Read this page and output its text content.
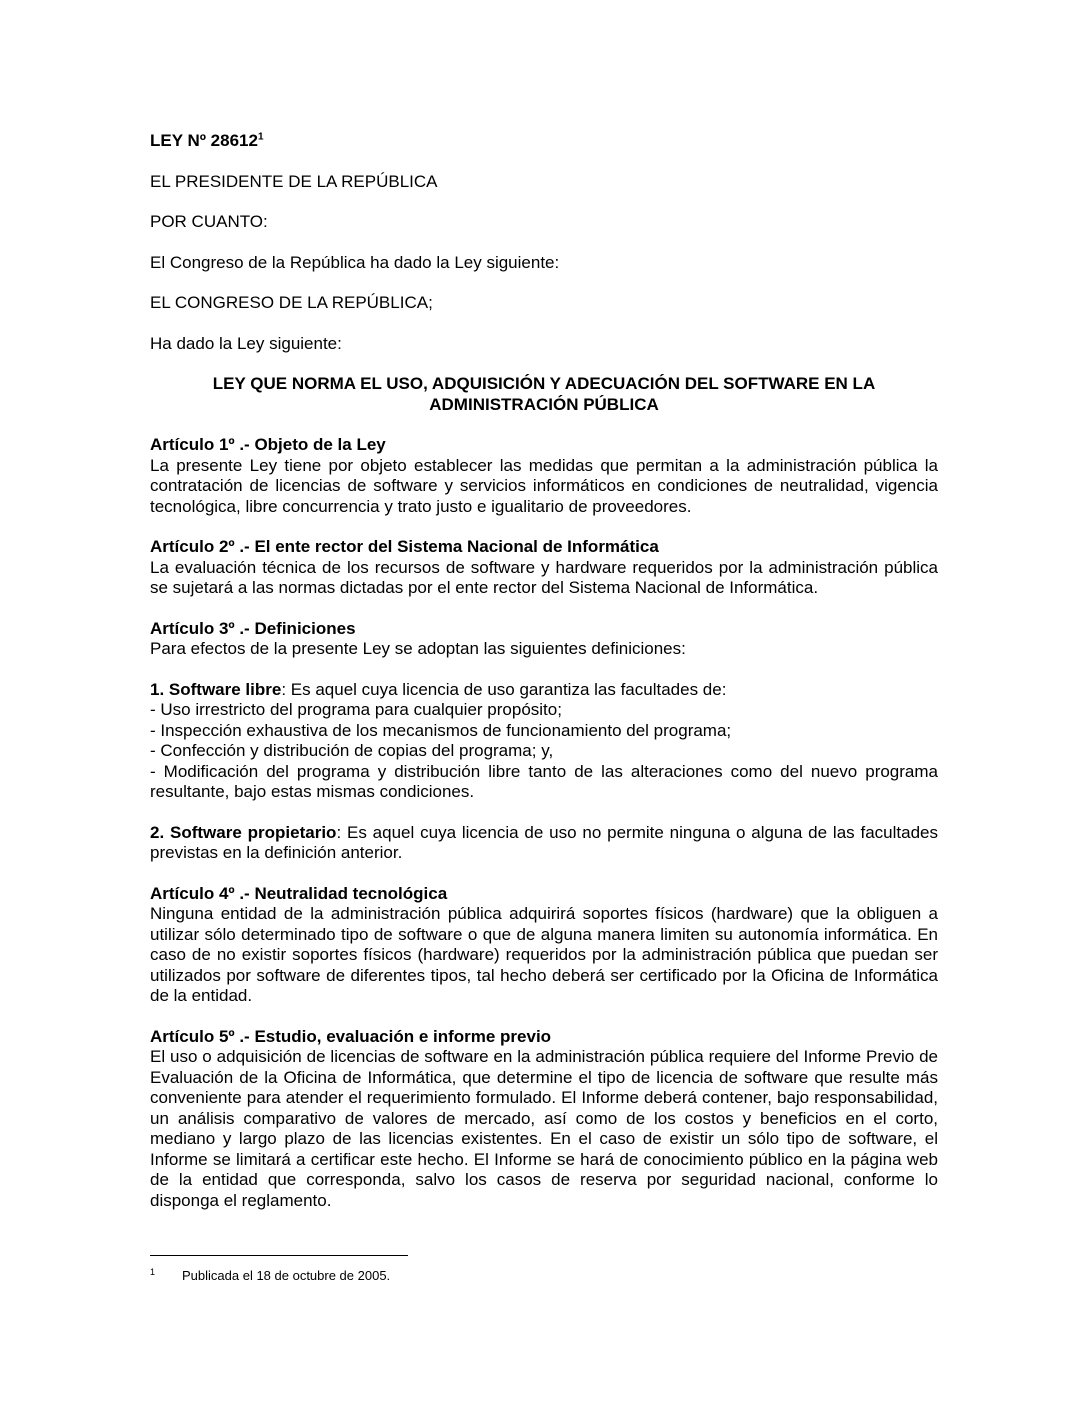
LEY Nº 28612$^1$

EL PRESIDENTE DE LA REPÚBLICA

POR CUANTO:

El Congreso de la República ha dado la Ley siguiente:

EL CONGRESO DE LA REPÚBLICA;

Ha dado la Ley siguiente:

LEY QUE NORMA EL USO, ADQUISICIÓN Y ADECUACIÓN DEL SOFTWARE EN LA

ADMINISTRACIÓN PÚBLICA

Artículo 1º .- Objeto de la Ley

La presente Ley tiene por objeto establecer las medidas que permitan a la administración pública la contratación de licencias de software y servicios informáticos en condiciones de neutralidad, vigencia tecnológica, libre concurrencia y trato justo e igualitario de proveedores.

Artículo 2º .- El ente rector del Sistema Nacional de Informática

La evaluación técnica de los recursos de software y hardware requeridos por la administración pública se sujetará a las normas dictadas por el ente rector del Sistema Nacional de Informática.

Artículo 3º .- Definiciones

Para efectos de la presente Ley se adoptan las siguientes definiciones:

1. Software libre: Es aquel cuya licencia de uso garantiza las facultades de:

- Uso irrestricto del programa para cualquier propósito;

- Inspección exhaustiva de los mecanismos de funcionamiento del programa;

- Confección y distribución de copias del programa; y,

- Modificación del programa y distribución libre tanto de las alteraciones como del nuevo programa resultante, bajo estas mismas condiciones.

2. Software propietario: Es aquel cuya licencia de uso no permite ninguna o alguna de las facultades previstas en la definición anterior.

Artículo 4º .- Neutralidad tecnológica

Ninguna entidad de la administración pública adquirirá soportes físicos (hardware) que la obliguen a utilizar sólo determinado tipo de software o que de alguna manera limiten su autonomía informática. En caso de no existir soportes físicos (hardware) requeridos por la administración pública que puedan ser utilizados por software de diferentes tipos, tal hecho deberá ser certificado por la Oficina de Informática de la entidad.

Artículo 5º .- Estudio, evaluación e informe previo

El uso o adquisición de licencias de software en la administración pública requiere del Informe Previo de Evaluación de la Oficina de Informática, que determine el tipo de licencia de software que resulte más conveniente para atender el requerimiento formulado. El Informe deberá contener, bajo responsabilidad, un análisis comparativo de valores de mercado, así como de los costos y beneficios en el corto, mediano y largo plazo de las licencias existentes. En el caso de existir un sólo tipo de software, el Informe se limitará a certificar este hecho. El Informe se hará de conocimiento público en la página web de la entidad que corresponda, salvo los casos de reserva por seguridad nacional, conforme lo disponga el reglamento.

1 Publicada el 18 de octubre de 2005.
